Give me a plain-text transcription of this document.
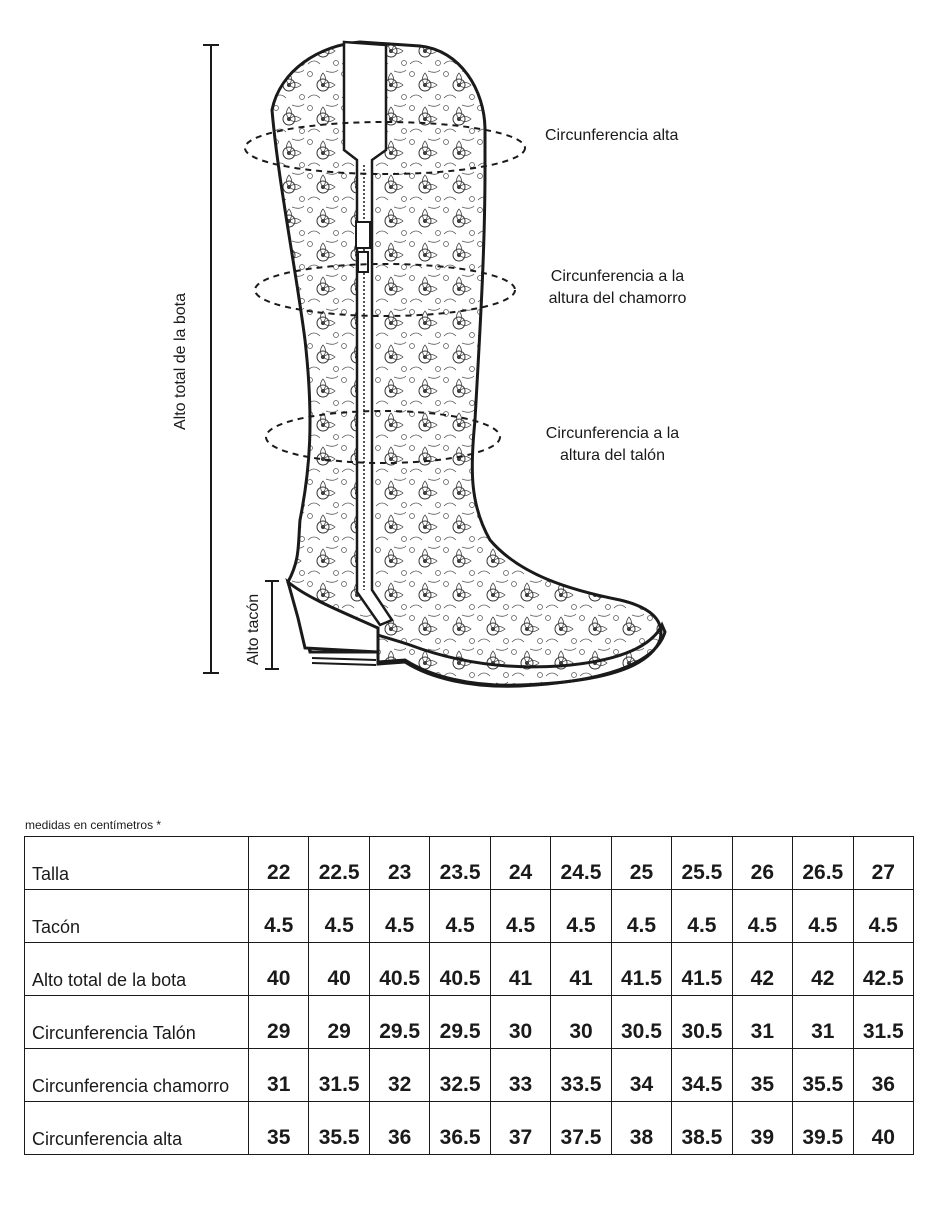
Circunferencia alta
Circunferencia a la altura del chamorro
Circunferencia a la altura del talón
Alto total de la bota
Alto tacón
medidas en centímetros *
Talla	22	22.5	23	23.5	24	24.5	25	25.5	26	26.5	27
Tacón	4.5	4.5	4.5	4.5	4.5	4.5	4.5	4.5	4.5	4.5	4.5
Alto total de la bota	40	40	40.5	40.5	41	41	41.5	41.5	42	42	42.5
Circunferencia Talón	29	29	29.5	29.5	30	30	30.5	30.5	31	31	31.5
Circunferencia chamorro	31	31.5	32	32.5	33	33.5	34	34.5	35	35.5	36
Circunferencia alta	35	35.5	36	36.5	37	37.5	38	38.5	39	39.5	40
